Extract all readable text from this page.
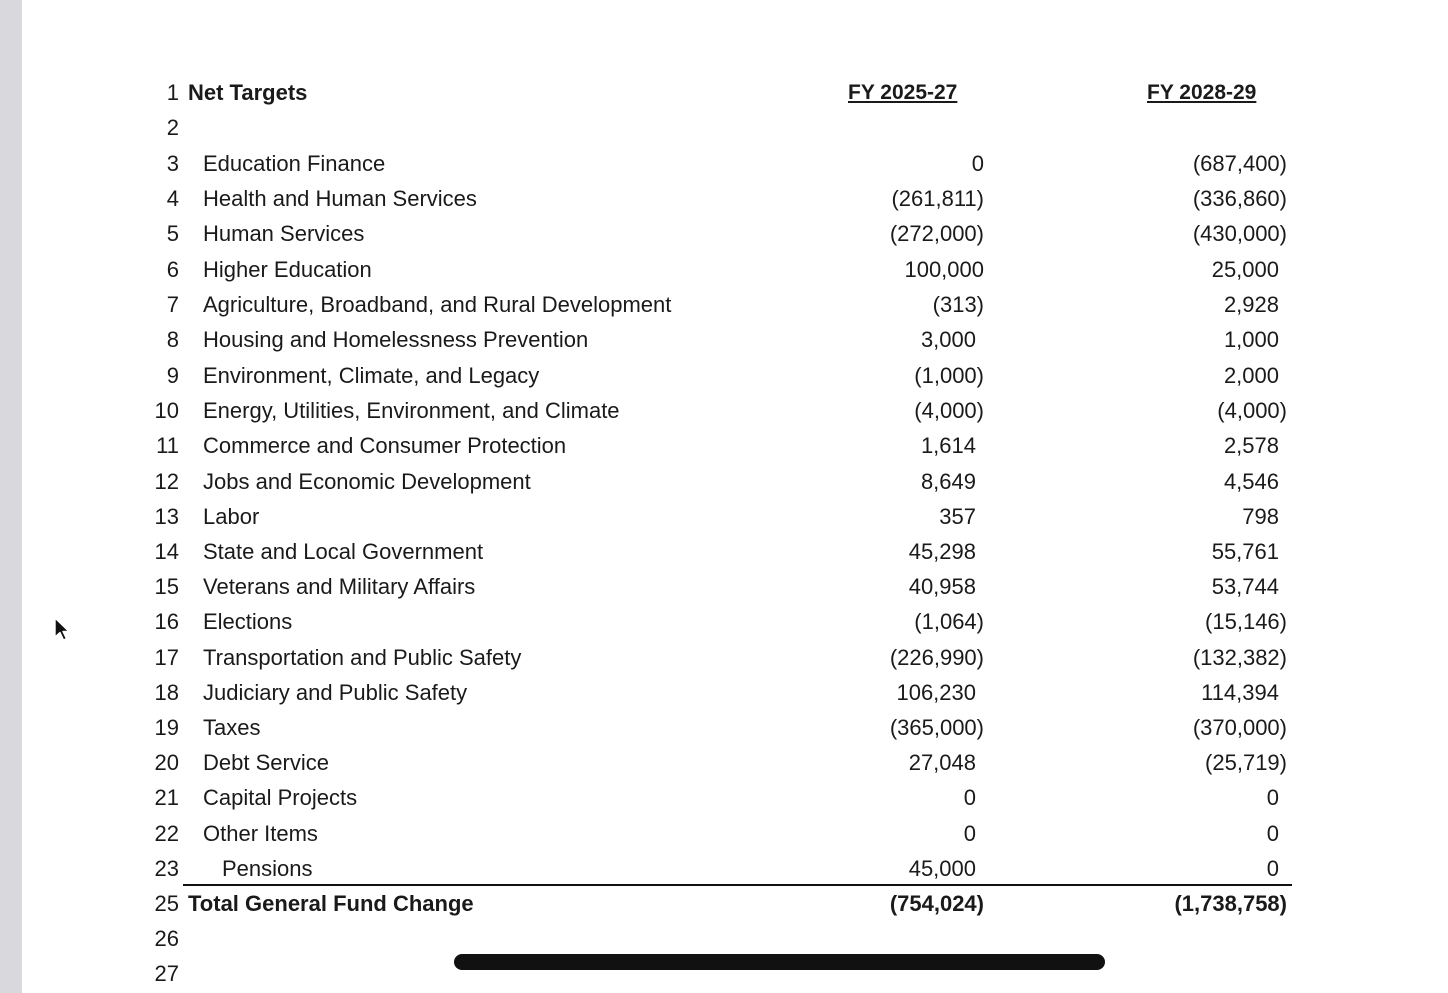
1 Net Targets	FY 2025-27	FY 2028-29
2
3 Education Finance	0	(687,400)
4 Health and Human Services	(261,811)	(336,860)
5 Human Services	(272,000)	(430,000)
6 Higher Education	100,000	25,000
7 Agriculture, Broadband, and Rural Development	(313)	2,928
8 Housing and Homelessness Prevention	3,000	1,000
9 Environment, Climate, and Legacy	(1,000)	2,000
10 Energy, Utilities, Environment, and Climate	(4,000)	(4,000)
11 Commerce and Consumer Protection	1,614	2,578
12 Jobs and Economic Development	8,649	4,546
13 Labor	357	798
14 State and Local Government	45,298	55,761
15 Veterans and Military Affairs	40,958	53,744
16 Elections	(1,064)	(15,146)
17 Transportation and Public Safety	(226,990)	(132,382)
18 Judiciary and Public Safety	106,230	114,394
19 Taxes	(365,000)	(370,000)
20 Debt Service	27,048	(25,719)
21 Capital Projects	0	0
22 Other Items	0	0
23 Pensions	45,000	0
25 Total General Fund Change	(754,024)	(1,738,758)
26
27
